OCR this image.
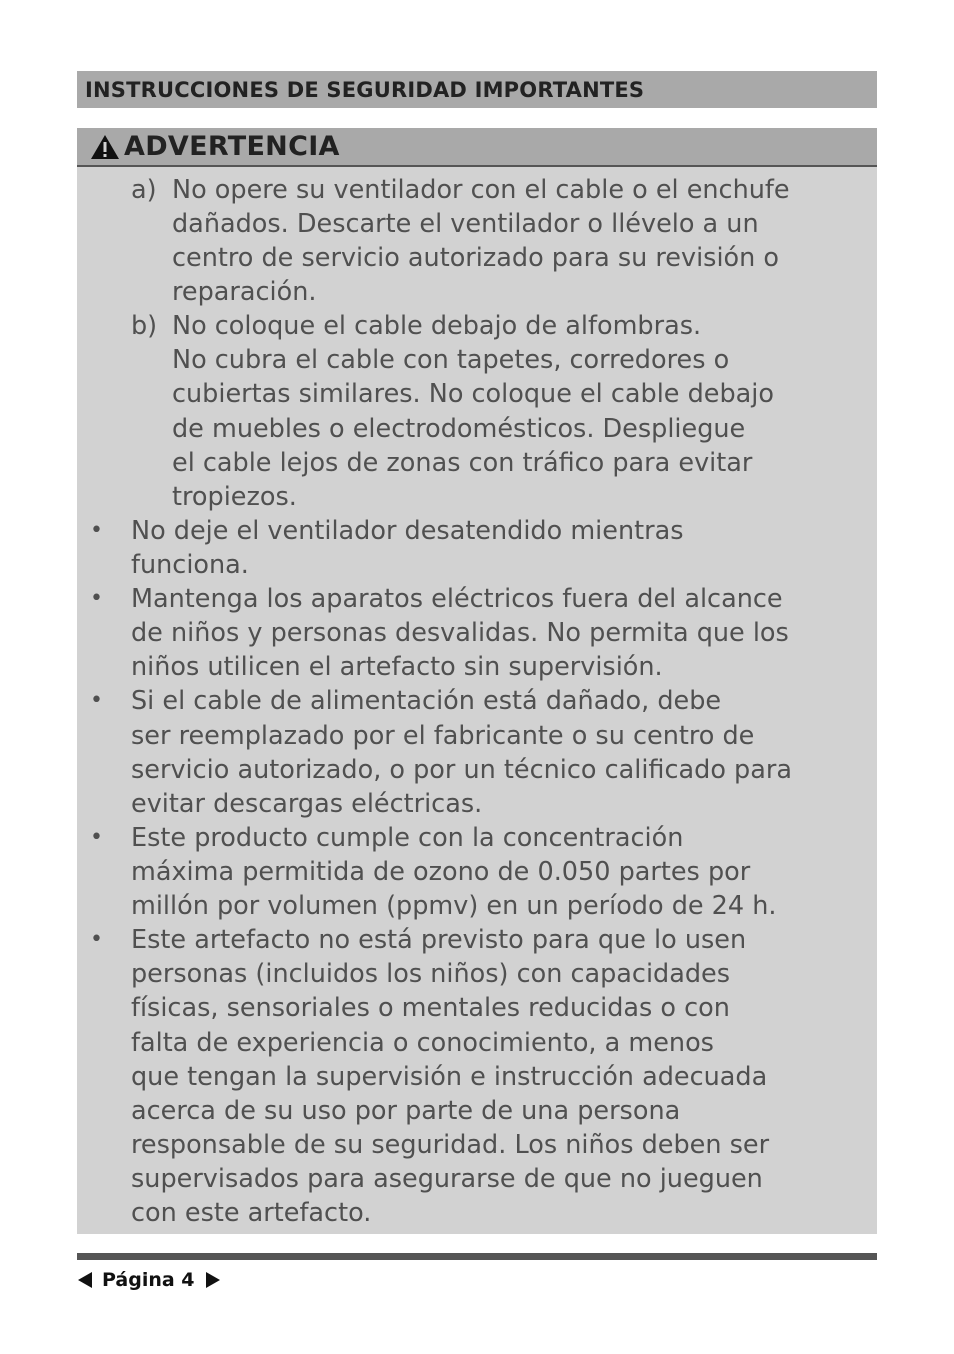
INSTRUCCIONES DE SEGURIDAD IMPORTANTES
ADVERTENCIA
a) No opere su ventilador con el cable o el enchufe
dañados. Descarte el ventilador o llévelo a un
centro de servicio autorizado para su revisión o
reparación.
b) No coloque el cable debajo de alfombras.
No cubra el cable con tapetes, corredores o
cubiertas similares. No coloque el cable debajo
de muebles o electrodomésticos. Despliegue
el cable lejos de zonas con tráfico para evitar
tropiezos.
• No deje el ventilador desatendido mientras
funciona.
• Mantenga los aparatos eléctricos fuera del alcance
de niños y personas desvalidas. No permita que los
niños utilicen el artefacto sin supervisión.
• Si el cable de alimentación está dañado, debe
ser reemplazado por el fabricante o su centro de
servicio autorizado, o por un técnico calificado para
evitar descargas eléctricas.
• Este producto cumple con la concentración
máxima permitida de ozono de 0.050 partes por
millón por volumen (ppmv) en un período de 24 h.
• Este artefacto no está previsto para que lo usen
personas (incluidos los niños) con capacidades
físicas, sensoriales o mentales reducidas o con
falta de experiencia o conocimiento, a menos
que tengan la supervisión e instrucción adecuada
acerca de su uso por parte de una persona
responsable de su seguridad. Los niños deben ser
supervisados para asegurarse de que no jueguen
con este artefacto.
Página 4
